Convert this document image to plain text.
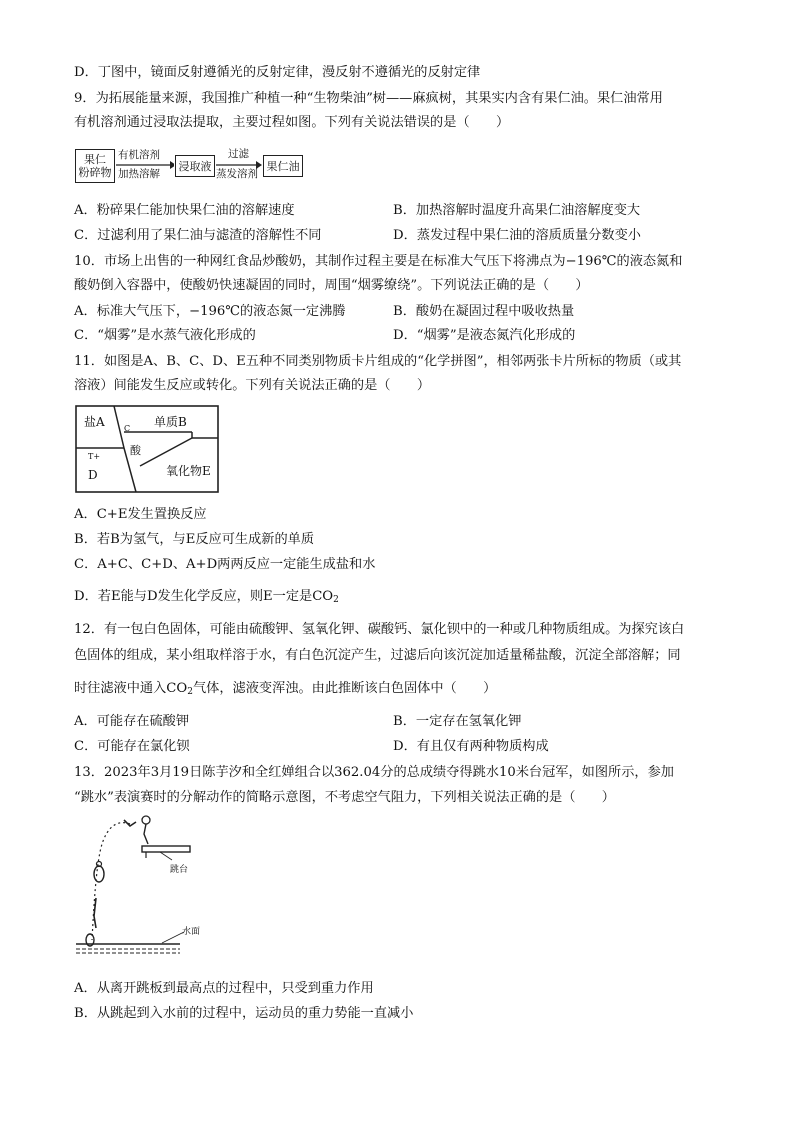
D．丁图中，镜面反射遵循光的反射定律，漫反射不遵循光的反射定律
9．为拓展能量来源，我国推广种植一种“生物柴油”树——麻疯树，其果实内含有果仁油。果仁油常用
有机溶剂通过浸取法提取，主要过程如图。下列有关说法错误的是（　　）
果仁
粉碎物
有机溶剂
加热溶解
浸取液
过滤
蒸发溶剂
果仁油
A．粉碎果仁能加快果仁油的溶解速度	B．加热溶解时温度升高果仁油溶解度变大
C．过滤利用了果仁油与滤渣的溶解性不同	D．蒸发过程中果仁油的溶质质量分数变小
10．市场上出售的一种网红食品炒酸奶，其制作过程主要是在标准大气压下将沸点为−196℃的液态氮和
酸奶倒入容器中，使酸奶快速凝固的同时，周围“烟雾缭绕”。下列说法正确的是（　　）
A．标准大气压下，−196℃的液态氮一定沸腾	B．酸奶在凝固过程中吸收热量
C．“烟雾”是水蒸气液化形成的	D．“烟雾”是液态氮汽化形成的
11．如图是A、B、C、D、E五种不同类别物质卡片组成的“化学拼图”，相邻两张卡片所标的物质（或其
溶液）间能发生反应或转化。下列有关说法正确的是（　　）
盐A	单质B
酸
C
T+
D	氧化物E
A．C+E发生置换反应
B．若B为氢气，与E反应可生成新的单质
C．A+C、C+D、A+D两两反应一定能生成盐和水
D．若E能与D发生化学反应，则E一定是$CO_2$
12．有一包白色固体，可能由硫酸钾、氢氧化钾、碳酸钙、氯化钡中的一种或几种物质组成。为探究该白
色固体的组成，某小组取样溶于水，有白色沉淀产生，过滤后向该沉淀加适量稀盐酸，沉淀全部溶解；同
时往滤液中通入$CO_2$气体，滤液变浑浊。由此推断该白色固体中（　　）
A．可能存在硫酸钾	B．一定存在氢氧化钾
C．可能存在氯化钡	D．有且仅有两种物质构成
13．2023年3月19日陈芋汐和全红婵组合以362.04分的总成绩夺得跳水10米台冠军，如图所示，参加
“跳水”表演赛时的分解动作的简略示意图，不考虑空气阻力，下列相关说法正确的是（　　）
跳台
水面
A．从离开跳板到最高点的过程中，只受到重力作用
B．从跳起到入水前的过程中，运动员的重力势能一直减小
